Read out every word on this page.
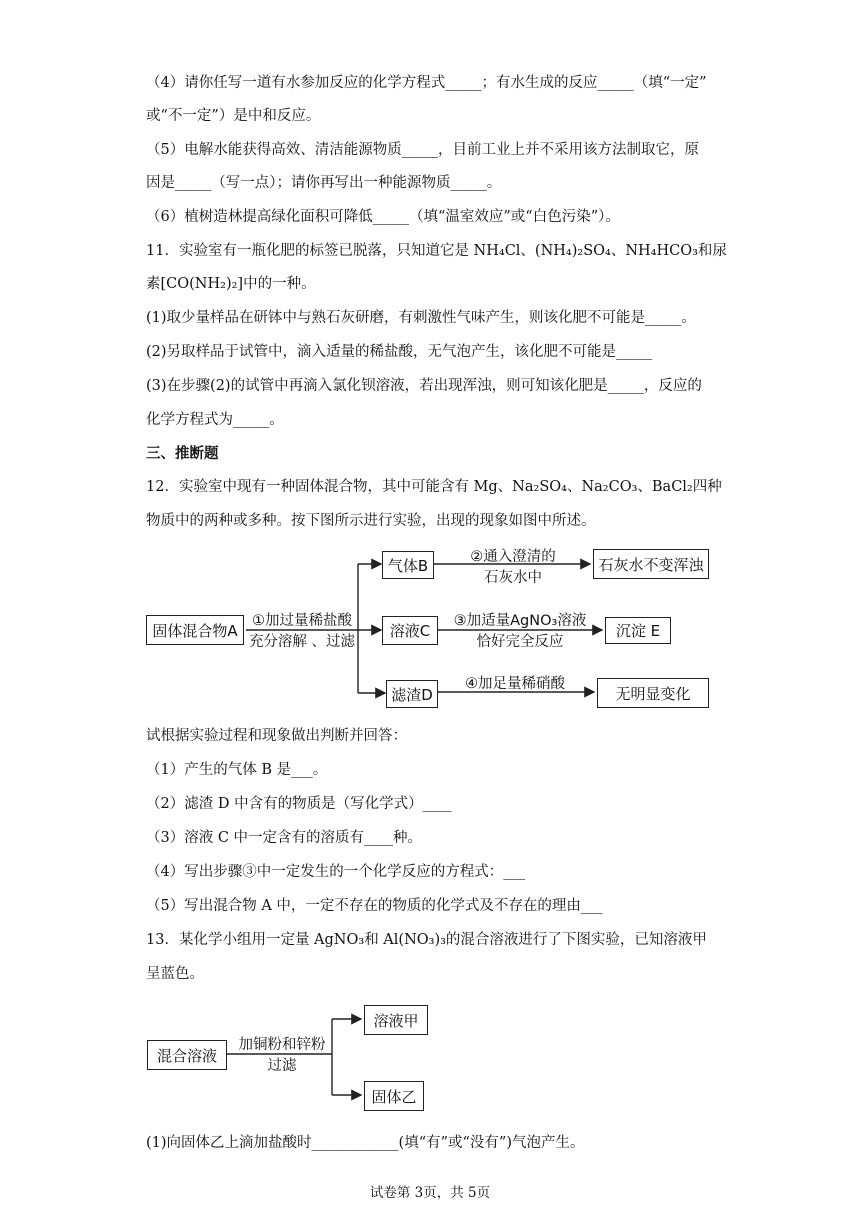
（4）请你任写一道有水参加反应的化学方程式_____；有水生成的反应_____（填“一定”
或“不一定”）是中和反应。
（5）电解水能获得高效、清洁能源物质_____，目前工业上并不采用该方法制取它，原
因是_____（写一点）；请你再写出一种能源物质_____。
（6）植树造林提高绿化面积可降低_____（填“温室效应”或“白色污染”）。
11．实验室有一瓶化肥的标签已脱落，只知道它是 NH₄Cl、(NH₄)₂SO₄、NH₄HCO₃和尿
素[CO(NH₂)₂]中的一种。
(1)取少量样品在研钵中与熟石灰研磨，有刺激性气味产生，则该化肥不可能是_____。
(2)另取样品于试管中，滴入适量的稀盐酸，无气泡产生，该化肥不可能是_____
(3)在步骤(2)的试管中再滴入氯化钡溶液，若出现浑浊，则可知该化肥是_____，反应的
化学方程式为_____。
三、推断题
12．实验室中现有一种固体混合物，其中可能含有 Mg、Na₂SO₄、Na₂CO₃、BaCl₂四种
物质中的两种或多种。按下图所示进行实验，出现的现象如图中所述。
固体混合物A
①加过量稀盐酸
充分溶解 、过滤
气体B	②通入澄清的
石灰水中
石灰水不变浑浊
溶液C
③加适量AgNO₃溶液
恰好完全反应
沉淀 E
滤渣D
④加足量稀硝酸
无明显变化
试根据实验过程和现象做出判断并回答：
（1）产生的气体 B 是___。
（2）滤渣 D 中含有的物质是（写化学式）____
（3）溶液 C 中一定含有的溶质有____种。
（4）写出步骤③中一定发生的一个化学反应的方程式：___
（5）写出混合物 A 中，一定不存在的物质的化学式及不存在的理由___
13．某化学小组用一定量 AgNO₃和 Al(NO₃)₃的混合溶液进行了下图实验，已知溶液甲
呈蓝色。
混合溶液
加铜粉和锌粉
过滤
溶液甲
固体乙
(1)向固体乙上滴加盐酸时____________(填“有”或“没有”)气泡产生。
试卷第 3页，共 5页
